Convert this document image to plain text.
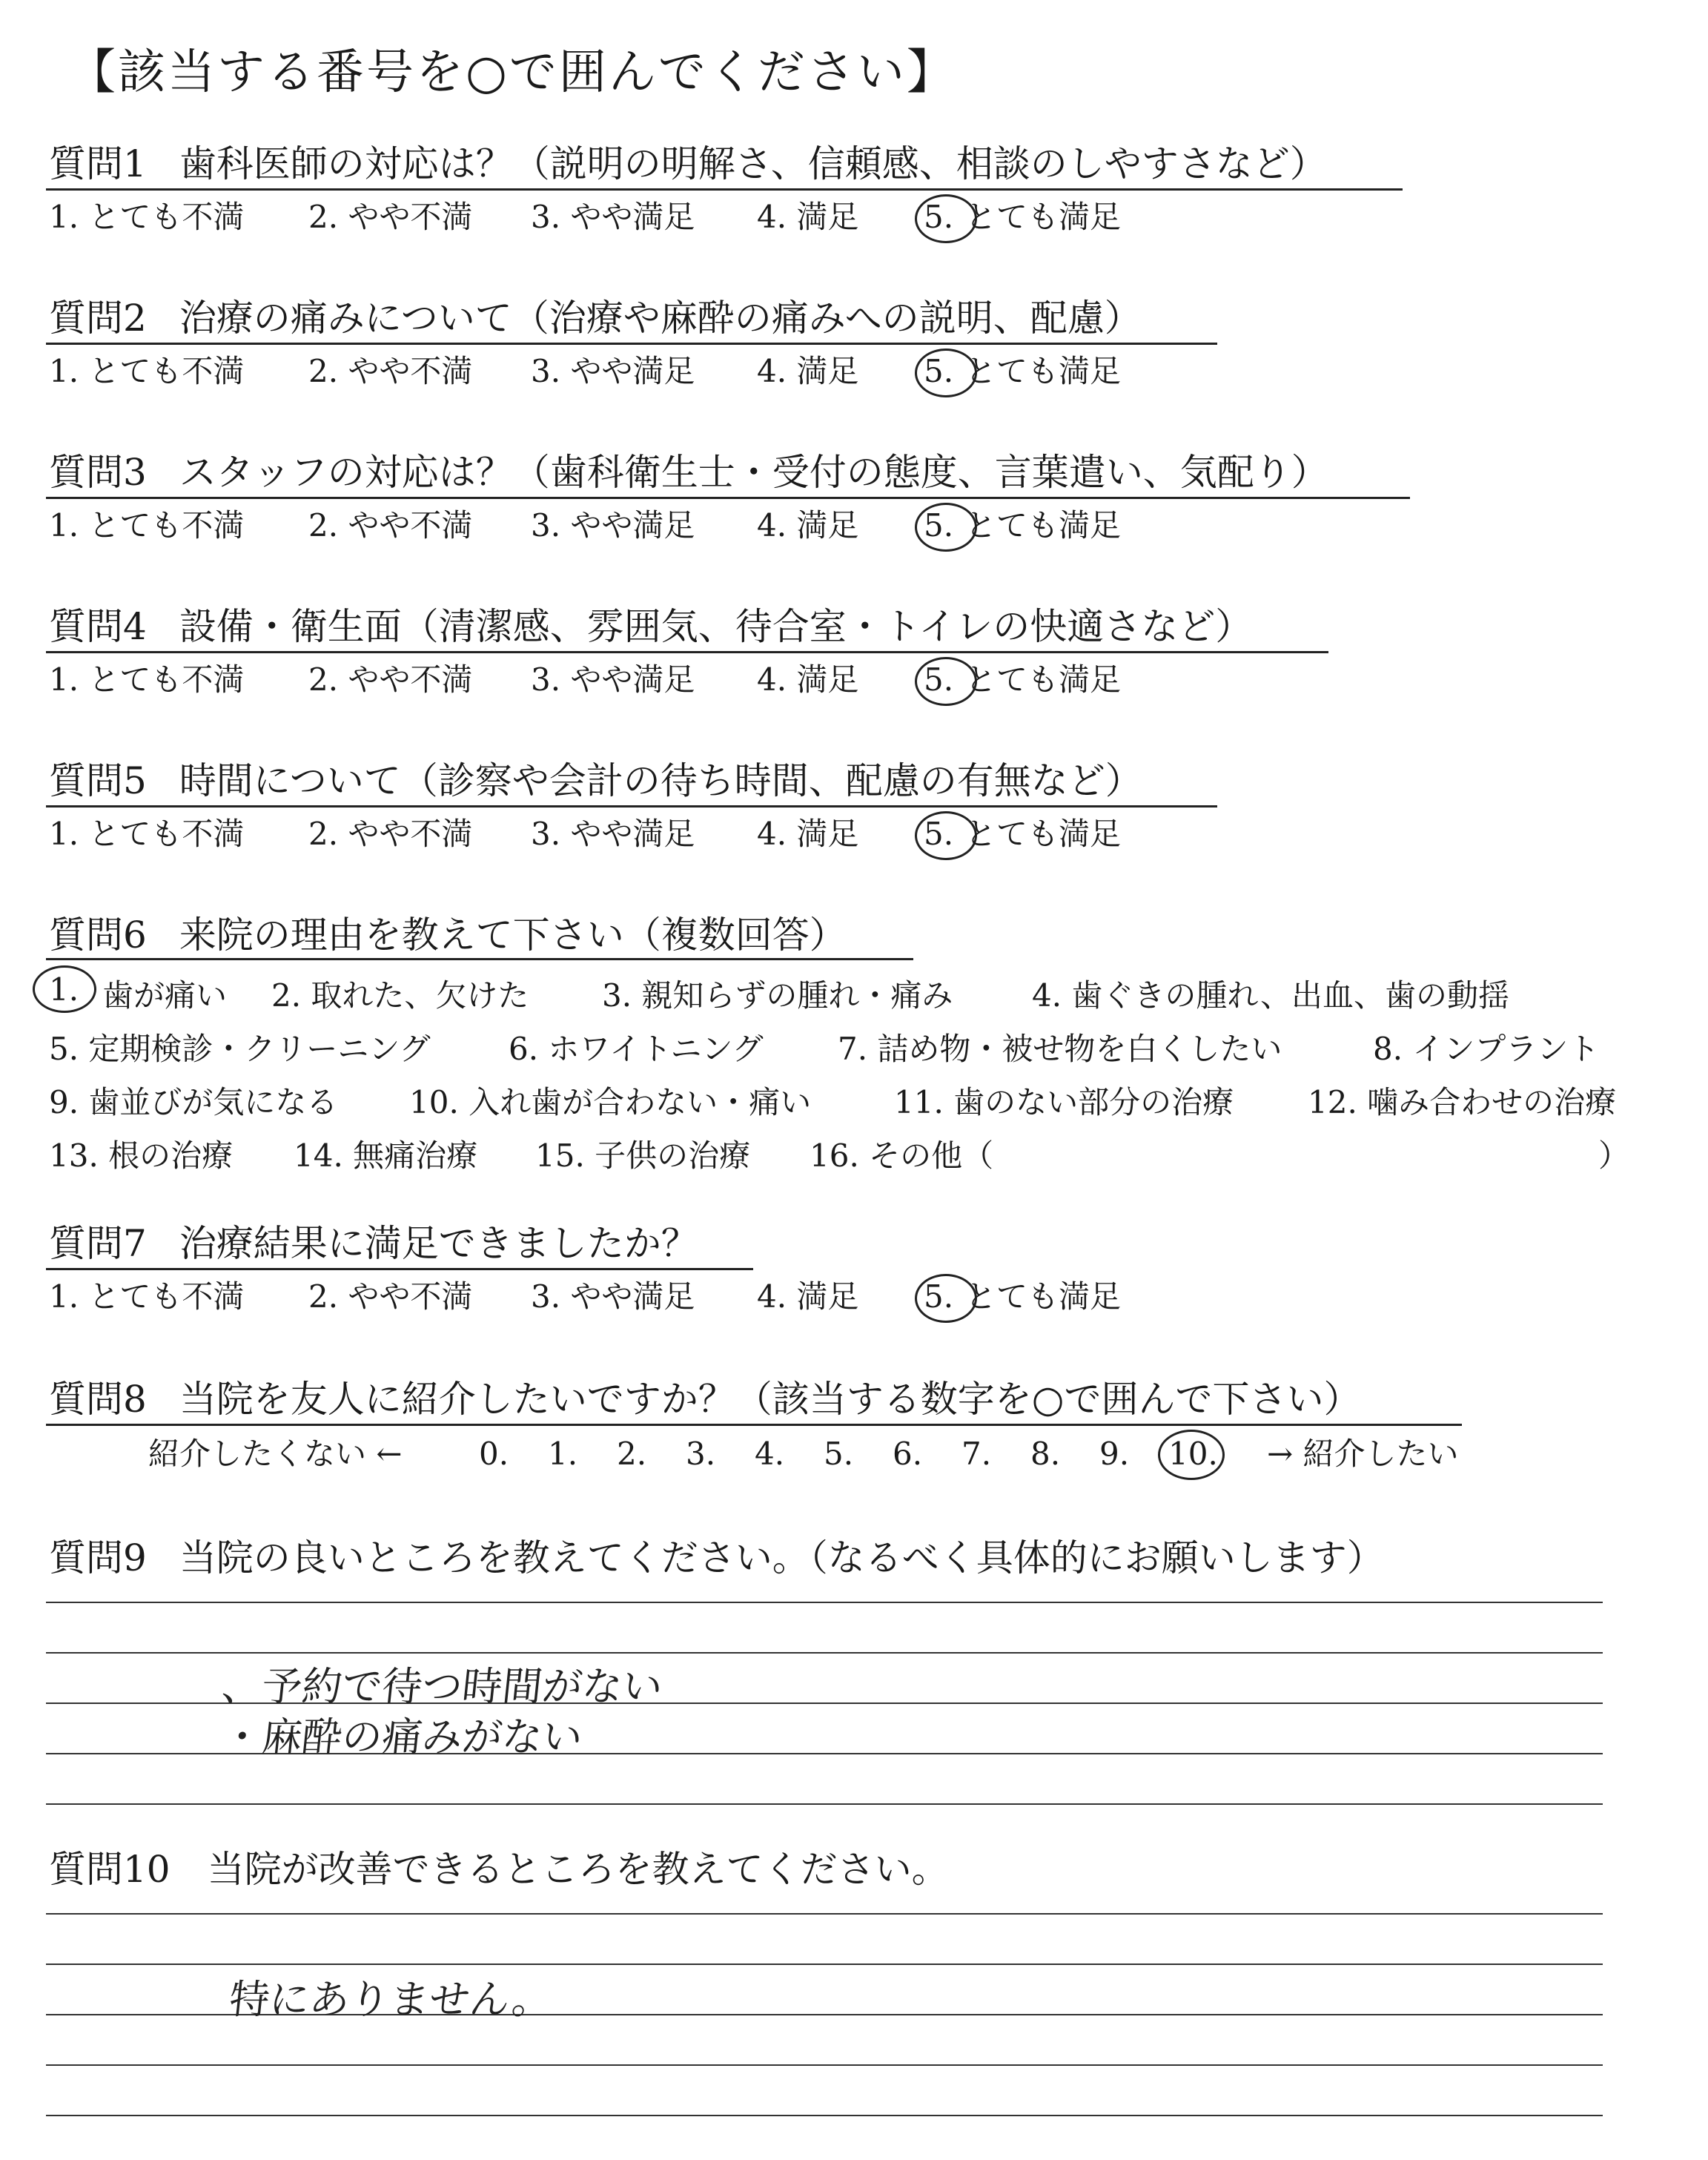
【該当する番号を○で囲んでください】
質問1 歯科医師の対応は？（説明の明解さ、信頼感、相談のしやすさなど）
1. とても不満 2. やや不満 3. やや満足 4. 満足 5. とても満足
質問2 治療の痛みについて（治療や麻酔の痛みへの説明、配慮）
1. とても不満 2. やや不満 3. やや満足 4. 満足 5. とても満足
質問3 スタッフの対応は？（歯科衛生士・受付の態度、言葉遣い、気配り）
1. とても不満 2. やや不満 3. やや満足 4. 満足 5. とても満足
質問4 設備・衛生面（清潔感、雰囲気、待合室・トイレの快適さなど）
1. とても不満 2. やや不満 3. やや満足 4. 満足 5. とても満足
質問5 時間について（診察や会計の待ち時間、配慮の有無など）
1. とても不満 2. やや不満 3. やや満足 4. 満足 5. とても満足
質問6 来院の理由を教えて下さい（複数回答）
1. 歯が痛い 2. 取れた、欠けた 3. 親知らずの腫れ・痛み	4. 歯ぐきの腫れ、出血、歯の動揺
5. 定期検診・クリーニング	6. ホワイトニング 7. 詰め物・被せ物を白くしたい	8. インプラント
9. 歯並びが気になる 10. 入れ歯が合わない・痛い	11. 歯のない部分の治療 12. 噛み合わせの治療
13. 根の治療 14. 無痛治療 15. 子供の治療 16. その他（	）
質問7 治療結果に満足できましたか？
1. とても不満 2. やや不満 3. やや満足 4. 満足 5. とても満足
質問8 当院を友人に紹介したいですか？（該当する数字を○で囲んで下さい）
紹介したくない ← 0. 1. 2. 3. 4. 5. 6. 7. 8. 9. 10. → 紹介したい
質問9 当院の良いところを教えてください。（なるべく具体的にお願いします）
、予約で待つ時間がない
・麻酔の痛みがない
質問10 当院が改善できるところを教えてください。
特にありません。
